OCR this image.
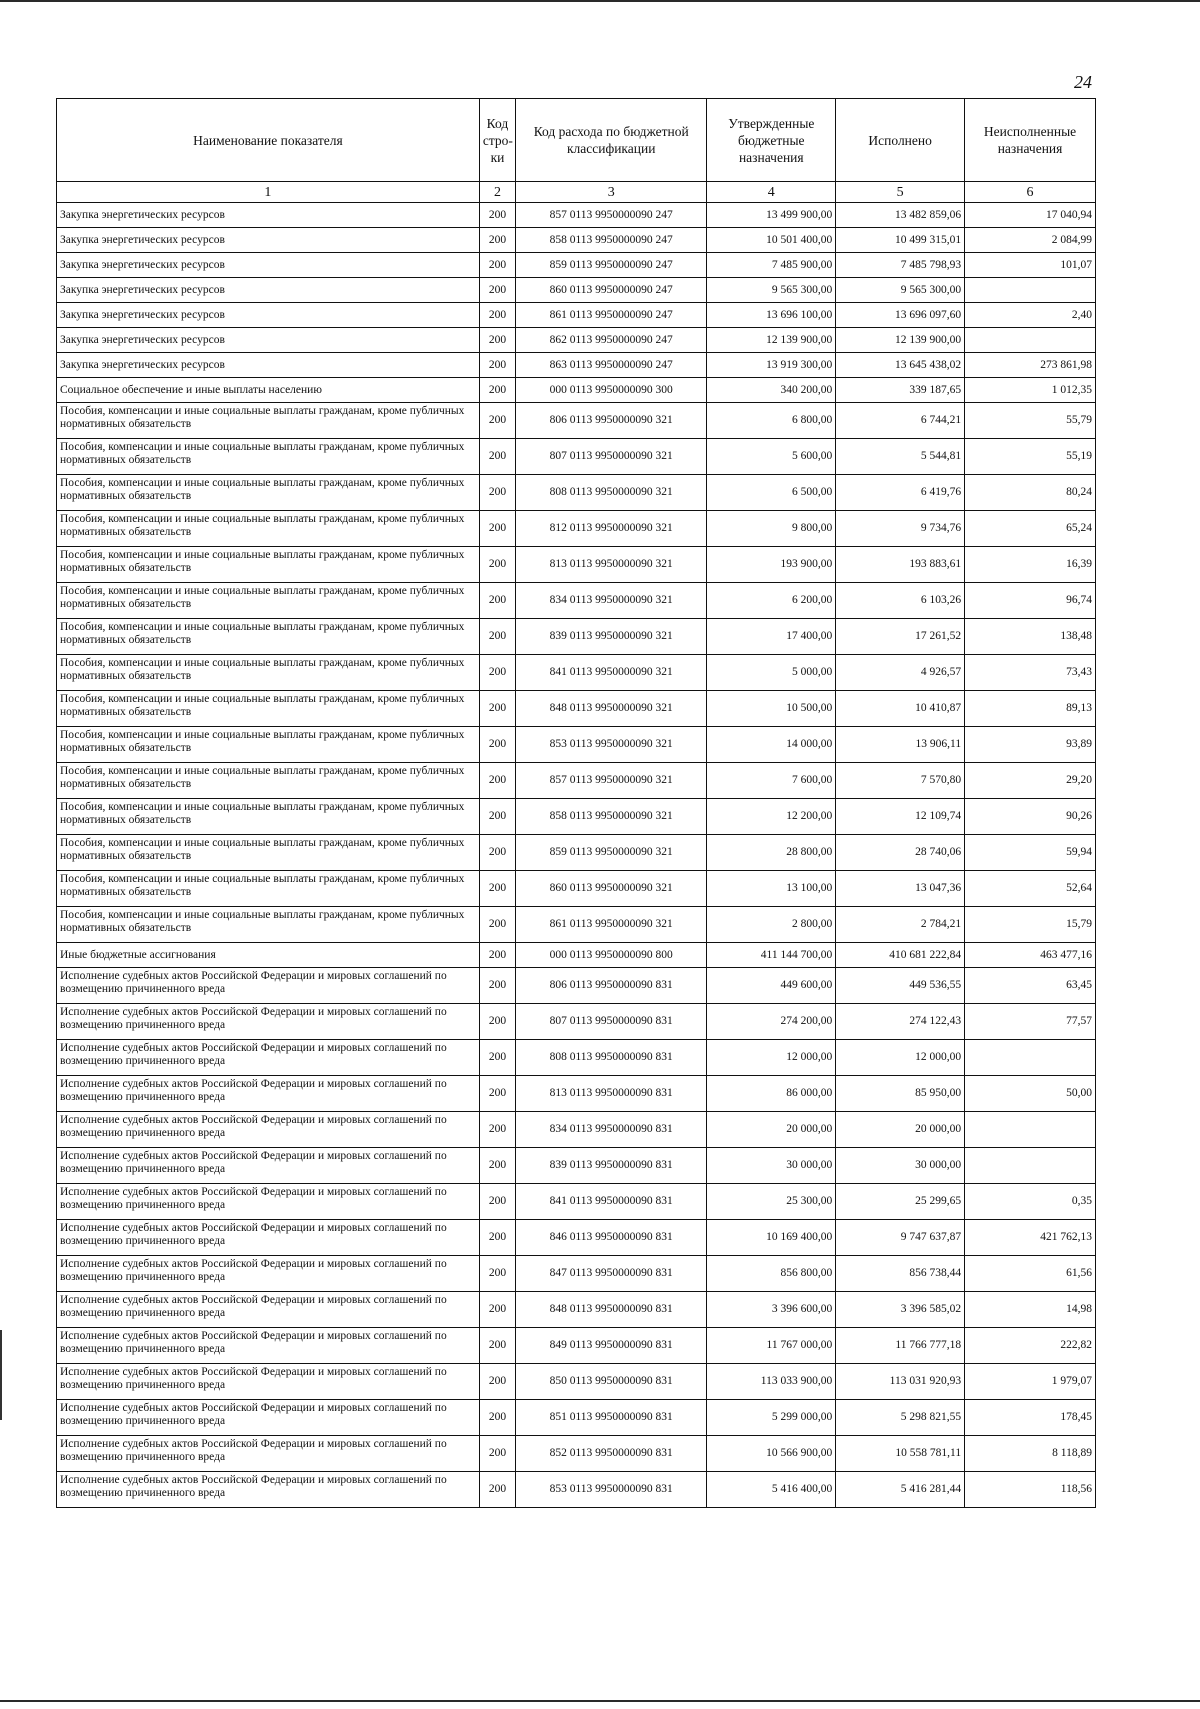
24
Наименование показателя	Код стро-ки	Код расхода по бюджетной классификации	Утвержденные бюджетные назначения	Исполнено	Неисполненные назначения
1	2	3	4	5	6
Закупка энергетических ресурсов	200	857 0113 9950000090 247	13 499 900,00	13 482 859,06	17 040,94
Закупка энергетических ресурсов	200	858 0113 9950000090 247	10 501 400,00	10 499 315,01	2 084,99
Закупка энергетических ресурсов	200	859 0113 9950000090 247	7 485 900,00	7 485 798,93	101,07
Закупка энергетических ресурсов	200	860 0113 9950000090 247	9 565 300,00	9 565 300,00	
Закупка энергетических ресурсов	200	861 0113 9950000090 247	13 696 100,00	13 696 097,60	2,40
Закупка энергетических ресурсов	200	862 0113 9950000090 247	12 139 900,00	12 139 900,00	
Закупка энергетических ресурсов	200	863 0113 9950000090 247	13 919 300,00	13 645 438,02	273 861,98
Социальное обеспечение и иные выплаты населению	200	000 0113 9950000090 300	340 200,00	339 187,65	1 012,35
Пособия, компенсации и иные социальные выплаты гражданам, кроме публичных нормативных обязательств	200	806 0113 9950000090 321	6 800,00	6 744,21	55,79
Пособия, компенсации и иные социальные выплаты гражданам, кроме публичных нормативных обязательств	200	807 0113 9950000090 321	5 600,00	5 544,81	55,19
Пособия, компенсации и иные социальные выплаты гражданам, кроме публичных нормативных обязательств	200	808 0113 9950000090 321	6 500,00	6 419,76	80,24
Пособия, компенсации и иные социальные выплаты гражданам, кроме публичных нормативных обязательств	200	812 0113 9950000090 321	9 800,00	9 734,76	65,24
Пособия, компенсации и иные социальные выплаты гражданам, кроме публичных нормативных обязательств	200	813 0113 9950000090 321	193 900,00	193 883,61	16,39
Пособия, компенсации и иные социальные выплаты гражданам, кроме публичных нормативных обязательств	200	834 0113 9950000090 321	6 200,00	6 103,26	96,74
Пособия, компенсации и иные социальные выплаты гражданам, кроме публичных нормативных обязательств	200	839 0113 9950000090 321	17 400,00	17 261,52	138,48
Пособия, компенсации и иные социальные выплаты гражданам, кроме публичных нормативных обязательств	200	841 0113 9950000090 321	5 000,00	4 926,57	73,43
Пособия, компенсации и иные социальные выплаты гражданам, кроме публичных нормативных обязательств	200	848 0113 9950000090 321	10 500,00	10 410,87	89,13
Пособия, компенсации и иные социальные выплаты гражданам, кроме публичных нормативных обязательств	200	853 0113 9950000090 321	14 000,00	13 906,11	93,89
Пособия, компенсации и иные социальные выплаты гражданам, кроме публичных нормативных обязательств	200	857 0113 9950000090 321	7 600,00	7 570,80	29,20
Пособия, компенсации и иные социальные выплаты гражданам, кроме публичных нормативных обязательств	200	858 0113 9950000090 321	12 200,00	12 109,74	90,26
Пособия, компенсации и иные социальные выплаты гражданам, кроме публичных нормативных обязательств	200	859 0113 9950000090 321	28 800,00	28 740,06	59,94
Пособия, компенсации и иные социальные выплаты гражданам, кроме публичных нормативных обязательств	200	860 0113 9950000090 321	13 100,00	13 047,36	52,64
Пособия, компенсации и иные социальные выплаты гражданам, кроме публичных нормативных обязательств	200	861 0113 9950000090 321	2 800,00	2 784,21	15,79
Иные бюджетные ассигнования	200	000 0113 9950000090 800	411 144 700,00	410 681 222,84	463 477,16
Исполнение судебных актов Российской Федерации и мировых соглашений по возмещению причиненного вреда	200	806 0113 9950000090 831	449 600,00	449 536,55	63,45
Исполнение судебных актов Российской Федерации и мировых соглашений по возмещению причиненного вреда	200	807 0113 9950000090 831	274 200,00	274 122,43	77,57
Исполнение судебных актов Российской Федерации и мировых соглашений по возмещению причиненного вреда	200	808 0113 9950000090 831	12 000,00	12 000,00	
Исполнение судебных актов Российской Федерации и мировых соглашений по возмещению причиненного вреда	200	813 0113 9950000090 831	86 000,00	85 950,00	50,00
Исполнение судебных актов Российской Федерации и мировых соглашений по возмещению причиненного вреда	200	834 0113 9950000090 831	20 000,00	20 000,00	
Исполнение судебных актов Российской Федерации и мировых соглашений по возмещению причиненного вреда	200	839 0113 9950000090 831	30 000,00	30 000,00	
Исполнение судебных актов Российской Федерации и мировых соглашений по возмещению причиненного вреда	200	841 0113 9950000090 831	25 300,00	25 299,65	0,35
Исполнение судебных актов Российской Федерации и мировых соглашений по возмещению причиненного вреда	200	846 0113 9950000090 831	10 169 400,00	9 747 637,87	421 762,13
Исполнение судебных актов Российской Федерации и мировых соглашений по возмещению причиненного вреда	200	847 0113 9950000090 831	856 800,00	856 738,44	61,56
Исполнение судебных актов Российской Федерации и мировых соглашений по возмещению причиненного вреда	200	848 0113 9950000090 831	3 396 600,00	3 396 585,02	14,98
Исполнение судебных актов Российской Федерации и мировых соглашений по возмещению причиненного вреда	200	849 0113 9950000090 831	11 767 000,00	11 766 777,18	222,82
Исполнение судебных актов Российской Федерации и мировых соглашений по возмещению причиненного вреда	200	850 0113 9950000090 831	113 033 900,00	113 031 920,93	1 979,07
Исполнение судебных актов Российской Федерации и мировых соглашений по возмещению причиненного вреда	200	851 0113 9950000090 831	5 299 000,00	5 298 821,55	178,45
Исполнение судебных актов Российской Федерации и мировых соглашений по возмещению причиненного вреда	200	852 0113 9950000090 831	10 566 900,00	10 558 781,11	8 118,89
Исполнение судебных актов Российской Федерации и мировых соглашений по возмещению причиненного вреда	200	853 0113 9950000090 831	5 416 400,00	5 416 281,44	118,56
